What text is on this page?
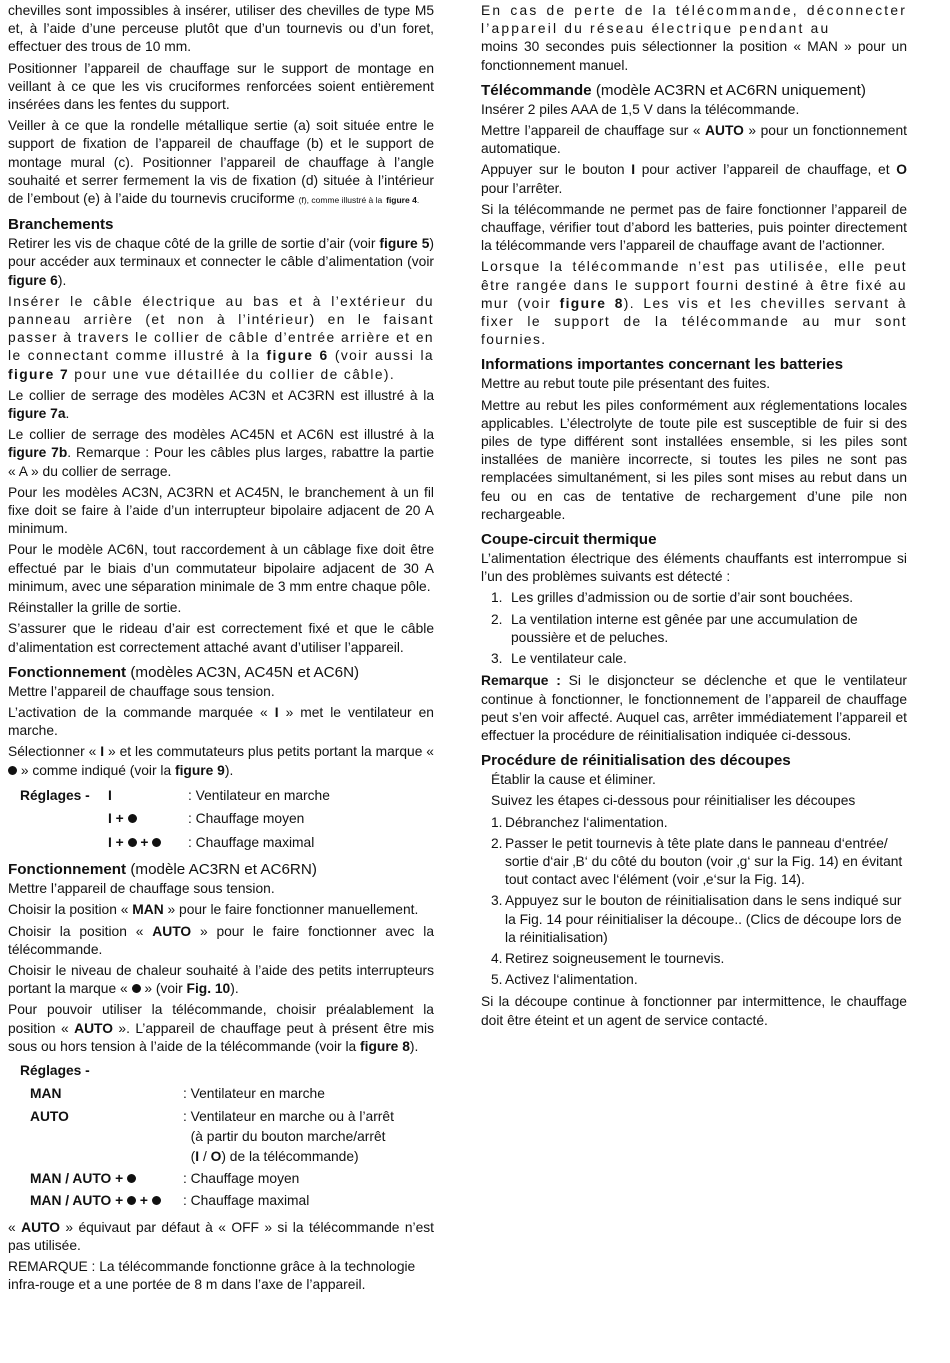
chevilles sont impossibles à insérer, utiliser des chevilles de type M5 et, à l’aide d’une perceuse plutôt que d’un tournevis ou d’un foret, effectuer des trous de 10 mm.

Positionner l’appareil de chauffage sur le support de montage en veillant à ce que les vis cruciformes renforcées soient entièrement insérées dans les fentes du support.

Veiller à ce que la rondelle métallique sertie (a) soit située entre le support de fixation de l’appareil de chauffage (b) et le support de montage mural (c). Positionner l’appareil de chauffage à l’angle souhaité et serrer fermement la vis de fixation (d) située à l’intérieur de l’embout (e) à l’aide du tournevis cruciforme (f), comme illustré à la figure 4.

Branchements

Retirer les vis de chaque côté de la grille de sortie d’air (voir figure 5) pour accéder aux terminaux et connecter le câble d’alimentation (voir figure 6).

Insérer le câble électrique au bas et à l’extérieur du panneau arrière (et non à l’intérieur) en le faisant passer à travers le collier de câble d’entrée arrière et en le connectant comme illustré à la figure 6 (voir aussi la figure 7 pour une vue détaillée du collier de câble).

Le collier de serrage des modèles AC3N et AC3RN est illustré à la figure 7a.

Le collier de serrage des modèles AC45N et AC6N est illustré à la figure 7b. Remarque : Pour les câbles plus larges, rabattre la partie « A » du collier de serrage.

Pour les modèles AC3N, AC3RN et AC45N, le branchement à un fil fixe doit se faire à l’aide d’un interrupteur bipolaire adjacent de 20 A minimum.

Pour le modèle AC6N, tout raccordement à un câblage fixe doit être effectué par le biais d’un commutateur bipolaire adjacent de 30 A minimum, avec une séparation minimale de 3 mm entre chaque pôle.

Réinstaller la grille de sortie.

S’assurer que le rideau d’air est correctement fixé et que le câble d’alimentation est correctement attaché avant d’utiliser l’appareil.

Fonctionnement (modèles AC3N, AC45N et AC6N)

Mettre l’appareil de chauffage sous tension.

L’activation de la commande marquée « I » met le ventilateur en marche.

Sélectionner « I » et les commutateurs plus petits portant la marque «  » comme indiqué (voir la figure 9).

Réglages -	I	: Ventilateur en marche
I +	: Chauffage moyen
I + +	: Chauffage maximal
Fonctionnement (modèle AC3RN et AC6RN)

Mettre l’appareil de chauffage sous tension.

Choisir la position « MAN » pour le faire fonctionner manuellement.

Choisir la position « AUTO » pour le faire fonctionner avec la télécommande.

Choisir le niveau de chaleur souhaité à l’aide des petits interrupteurs portant la marque « » (voir Fig. 10).

Pour pouvoir utiliser la télécommande, choisir préalablement la position « AUTO ». L’appareil de chauffage peut à présent être mis sous ou hors tension à l’aide de la télécommande (voir la figure 8).

Réglages -
MAN	: Ventilateur en marche
AUTO	: Ventilateur en marche ou à l’arrêt
(à partir du bouton marche/arrêt
(I / O) de la télécommande)
MAN / AUTO +	: Chauffage moyen
MAN / AUTO + +	: Chauffage maximal

« AUTO » équivaut par défaut à « OFF » si la télécommande n’est pas utilisée.

REMARQUE : La télécommande fonctionne grâce à la technologie infra-rouge et a une portée de 8 m dans l’axe de l’appareil.

En cas de perte de la télécommande, déconnecter l’appareil du réseau électrique pendant au

moins 30 secondes puis sélectionner la position « MAN » pour un fonctionnement manuel.

Télécommande (modèle AC3RN et AC6RN uniquement)

Insérer 2 piles AAA de 1,5 V dans la télécommande.

Mettre l’appareil de chauffage sur « AUTO » pour un fonctionnement automatique.

Appuyer sur le bouton I pour activer l’appareil de chauffage, et O pour l’arrêter.

Si la télécommande ne permet pas de faire fonctionner l’appareil de chauffage, vérifier tout d’abord les batteries, puis pointer directement la télécommande vers l’appareil de chauffage avant de l’actionner.

Lorsque la télécommande n’est pas utilisée, elle peut être rangée dans le support fourni destiné à être fixé au mur (voir figure 8). Les vis et les chevilles servant à fixer le support de la télécommande au mur sont fournies.

Informations importantes concernant les batteries

Mettre au rebut toute pile présentant des fuites.

Mettre au rebut les piles conformément aux réglementations locales applicables. L’électrolyte de toute pile est susceptible de fuir si des piles de type différent sont installées ensemble, si les piles sont installées de manière incorrecte, si toutes les piles ne sont pas remplacées simultanément, si les piles sont mises au rebut dans un feu ou en cas de tentative de rechargement d’une pile non rechargeable.

Coupe-circuit thermique

L’alimentation électrique des éléments chauffants est interrompue si l’un des problèmes suivants est détecté :

1. Les grilles d’admission ou de sortie d’air sont bouchées.
2. La ventilation interne est gênée par une accumulation de poussière et de peluches.
3. Le ventilateur cale.

Remarque : Si le disjoncteur se déclenche et que le ventilateur continue à fonctionner, le fonctionnement de l’appareil de chauffage peut s’en voir affecté. Auquel cas, arrêter immédiatement l’appareil et effectuer la procédure de réinitialisation indiquée ci-dessous.

Procédure de réinitialisation des découpes

Établir la cause et éliminer.

Suivez les étapes ci-dessous pour réinitialiser les découpes

1. Débranchez l‘alimentation.
2. Passer le petit tournevis à tête plate dans le panneau d‘entrée/ sortie d‘air ‚B‘ du côté du bouton (voir ‚g‘ sur la Fig. 14) en évitant tout contact avec l‘élément (voir ‚e‘sur la Fig. 14).
3. Appuyez sur le bouton de réinitialisation dans le sens indiqué sur la Fig. 14 pour réinitialiser la découpe.. (Clics de découpe lors de la réinitialisation)
4. Retirez soigneusement le tournevis.
5. Activez l‘alimentation.

Si la découpe continue à fonctionner par intermittence, le chauffage doit être éteint et un agent de service contacté.
